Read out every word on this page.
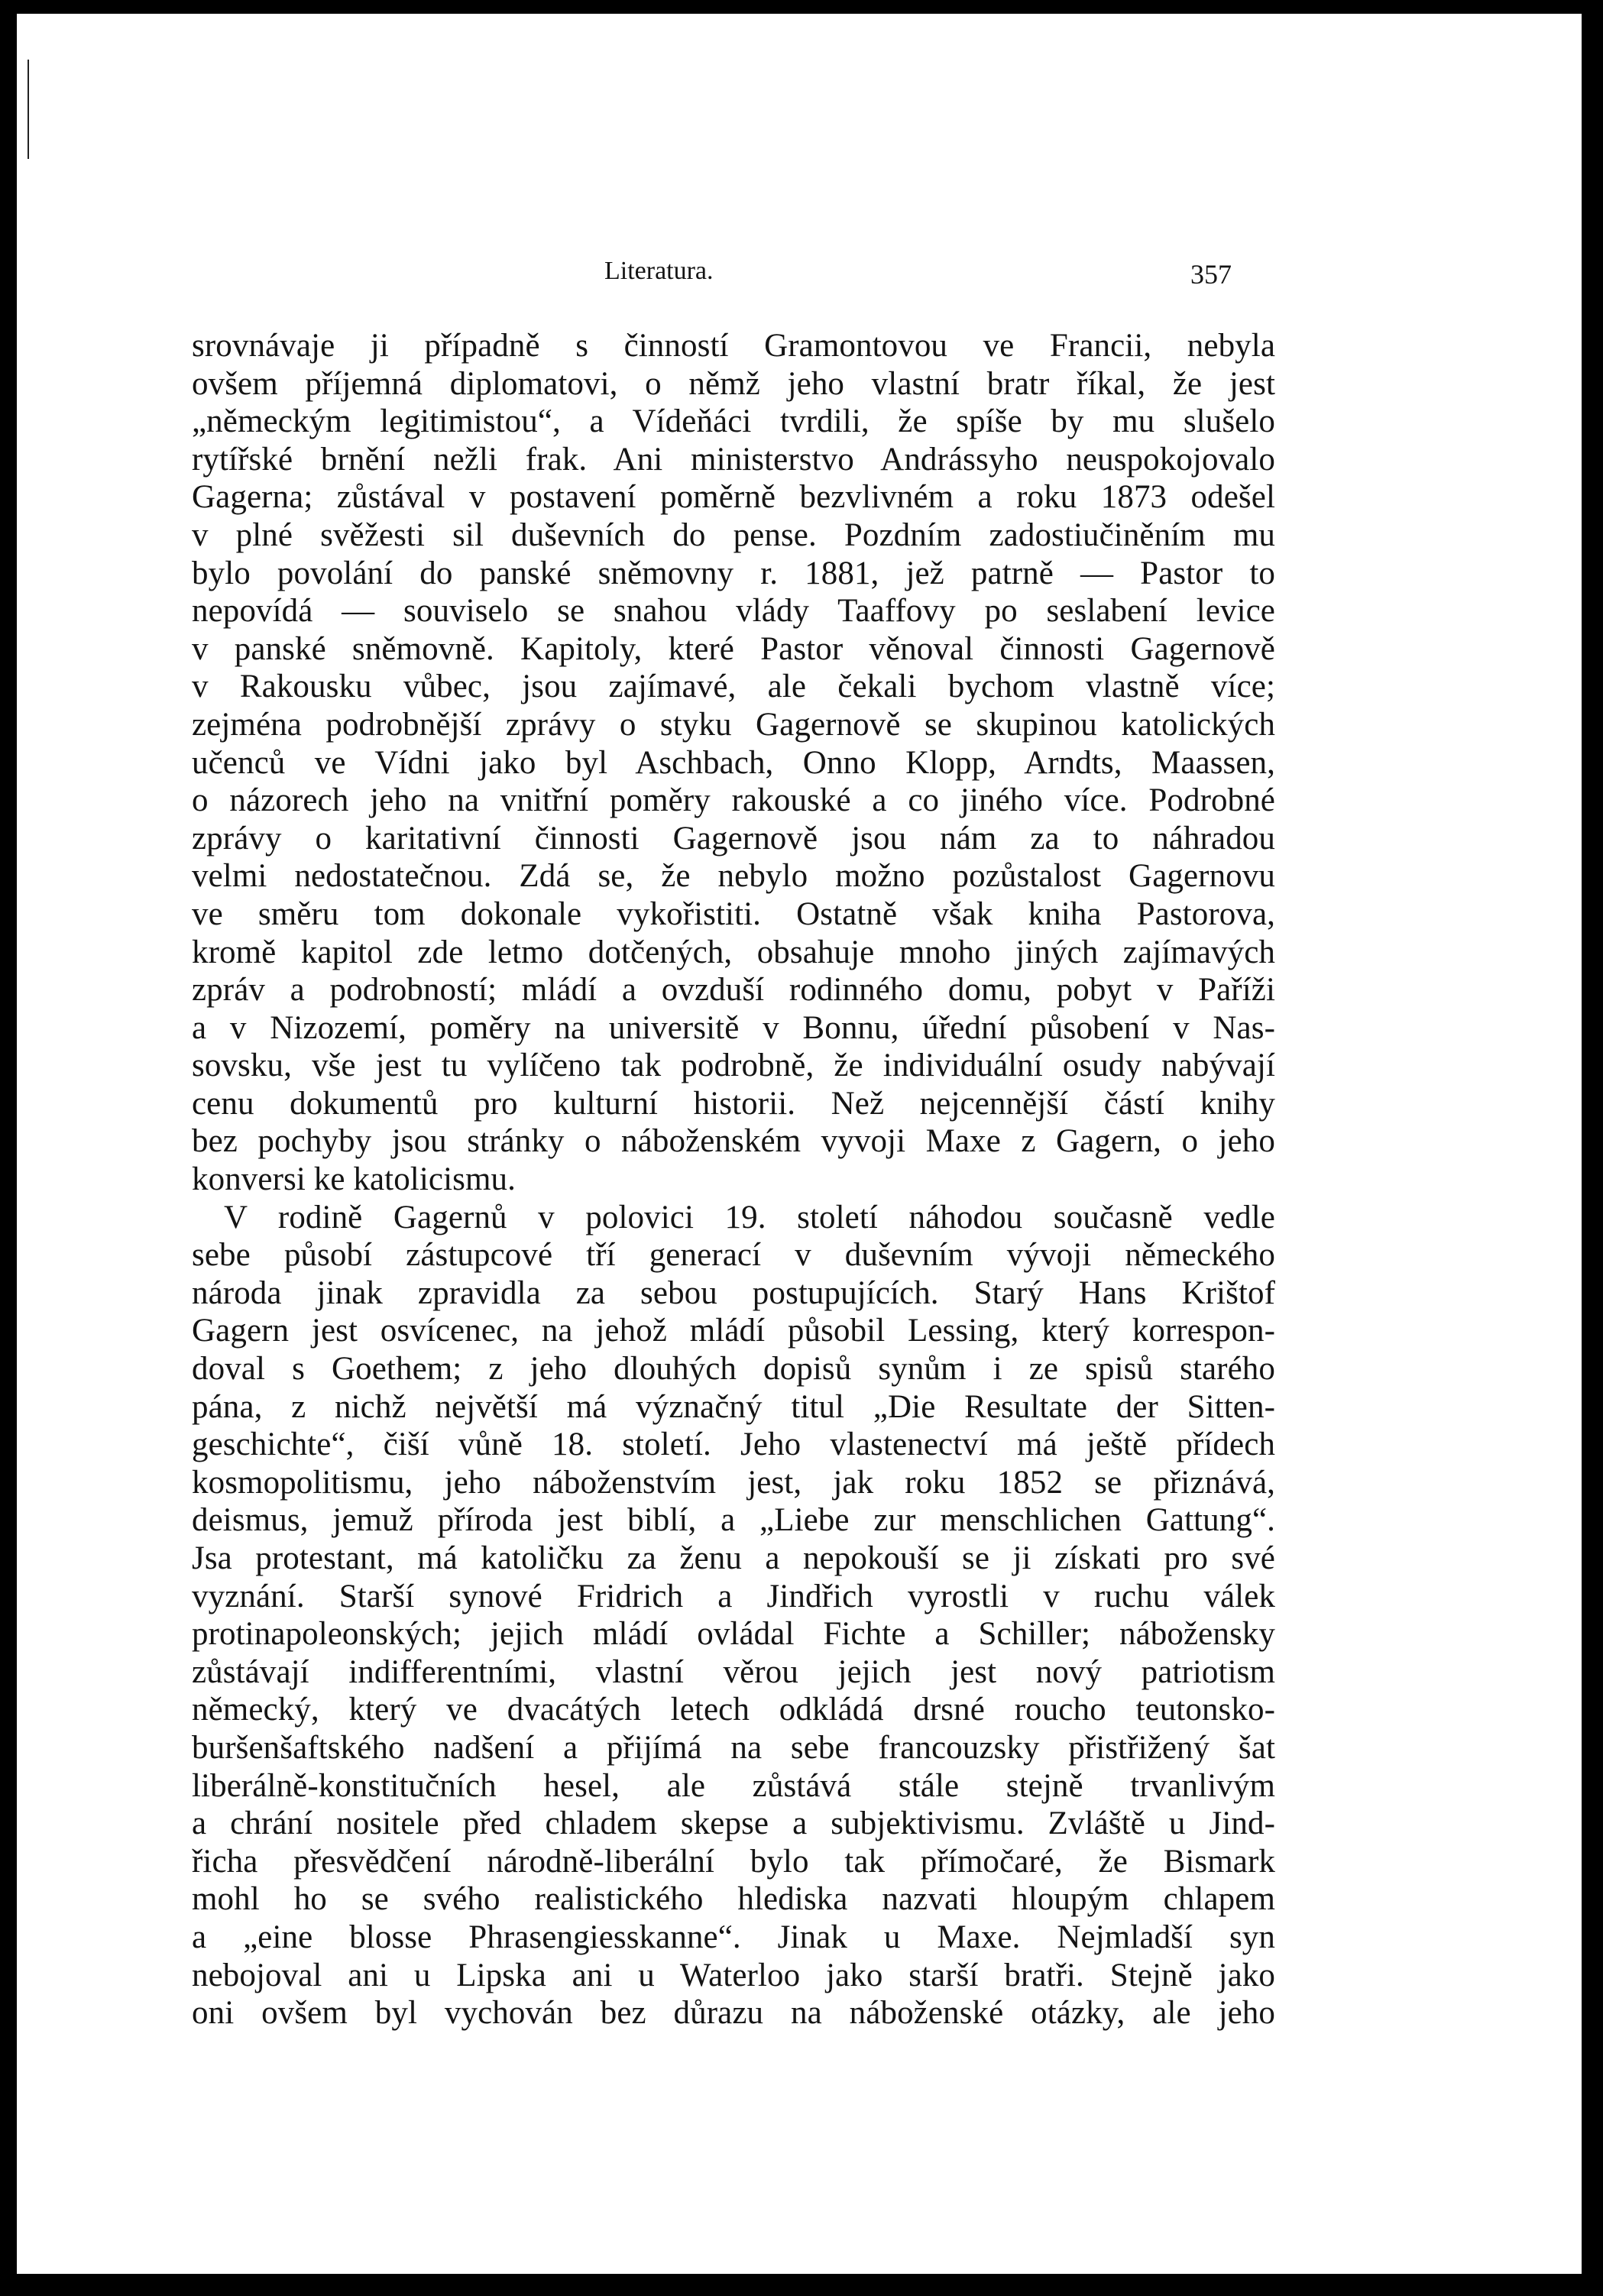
Literatura.	357
srovnávaje ji případně s činností Gramontovou ve Francii, nebyla
ovšem příjemná diplomatovi, o němž jeho vlastní bratr říkal, že jest
„německým legitimistou“, a Vídeňáci tvrdili, že spíše by mu slušelo
rytířské brnění nežli frak. Ani ministerstvo Andrássyho neuspokojovalo
Gagerna; zůstával v postavení poměrně bezvlivném a roku 1873 odešel
v plné svěžesti sil duševních do pense. Pozdním zadostiučiněním mu
bylo povolání do panské sněmovny r. 1881, jež patrně — Pastor to
nepovídá — souviselo se snahou vlády Taaffovy po seslabení levice
v panské sněmovně. Kapitoly, které Pastor věnoval činnosti Gagernově
v Rakousku vůbec, jsou zajímavé, ale čekali bychom vlastně více;
zejména podrobnější zprávy o styku Gagernově se skupinou katolických
učenců ve Vídni jako byl Aschbach, Onno Klopp, Arndts, Maassen,
o názorech jeho na vnitřní poměry rakouské a co jiného více. Podrobné
zprávy o karitativní činnosti Gagernově jsou nám za to náhradou
velmi nedostatečnou. Zdá se, že nebylo možno pozůstalost Gagernovu
ve směru tom dokonale vykořistiti. Ostatně však kniha Pastorova,
kromě kapitol zde letmo dotčených, obsahuje mnoho jiných zajímavých
zpráv a podrobností; mládí a ovzduší rodinného domu, pobyt v Paříži
a v Nizozemí, poměry na universitě v Bonnu, úřední působení v Nas-
sovsku, vše jest tu vylíčeno tak podrobně, že individuální osudy nabývají
cenu dokumentů pro kulturní historii. Než nejcennější částí knihy
bez pochyby jsou stránky o náboženském vyvoji Maxe z Gagern, o jeho
konversi ke katolicismu.
V rodině Gagernů v polovici 19. století náhodou současně vedle
sebe působí zástupcové tří generací v duševním vývoji německého
národa jinak zpravidla za sebou postupujících. Starý Hans Krištof
Gagern jest osvícenec, na jehož mládí působil Lessing, který korrespon-
doval s Goethem; z jeho dlouhých dopisů synům i ze spisů starého
pána, z nichž největší má význačný titul „Die Resultate der Sitten-
geschichte“, čiší vůně 18. století. Jeho vlastenectví má ještě přídech
kosmopolitismu, jeho náboženstvím jest, jak roku 1852 se přiznává,
deismus, jemuž příroda jest biblí, a „Liebe zur menschlichen Gattung“.
Jsa protestant, má katoličku za ženu a nepokouší se ji získati pro své
vyznání. Starší synové Fridrich a Jindřich vyrostli v ruchu válek
protinapoleonských; jejich mládí ovládal Fichte a Schiller; nábožensky
zůstávají indifferentními, vlastní věrou jejich jest nový patriotism
německý, který ve dvacátých letech odkládá drsné roucho teutonsko-
buršenšaftského nadšení a přijímá na sebe francouzsky přistřižený šat
liberálně-konstitučních hesel, ale zůstává stále stejně trvanlivým
a chrání nositele před chladem skepse a subjektivismu. Zvláště u Jind-
řicha přesvědčení národně-liberální bylo tak přímočaré, že Bismark
mohl ho se svého realistického hlediska nazvati hloupým chlapem
a „eine blosse Phrasengiesskanne“. Jinak u Maxe. Nejmladší syn
nebojoval ani u Lipska ani u Waterloo jako starší bratři. Stejně jako
oni ovšem byl vychován bez důrazu na náboženské otázky, ale jeho
